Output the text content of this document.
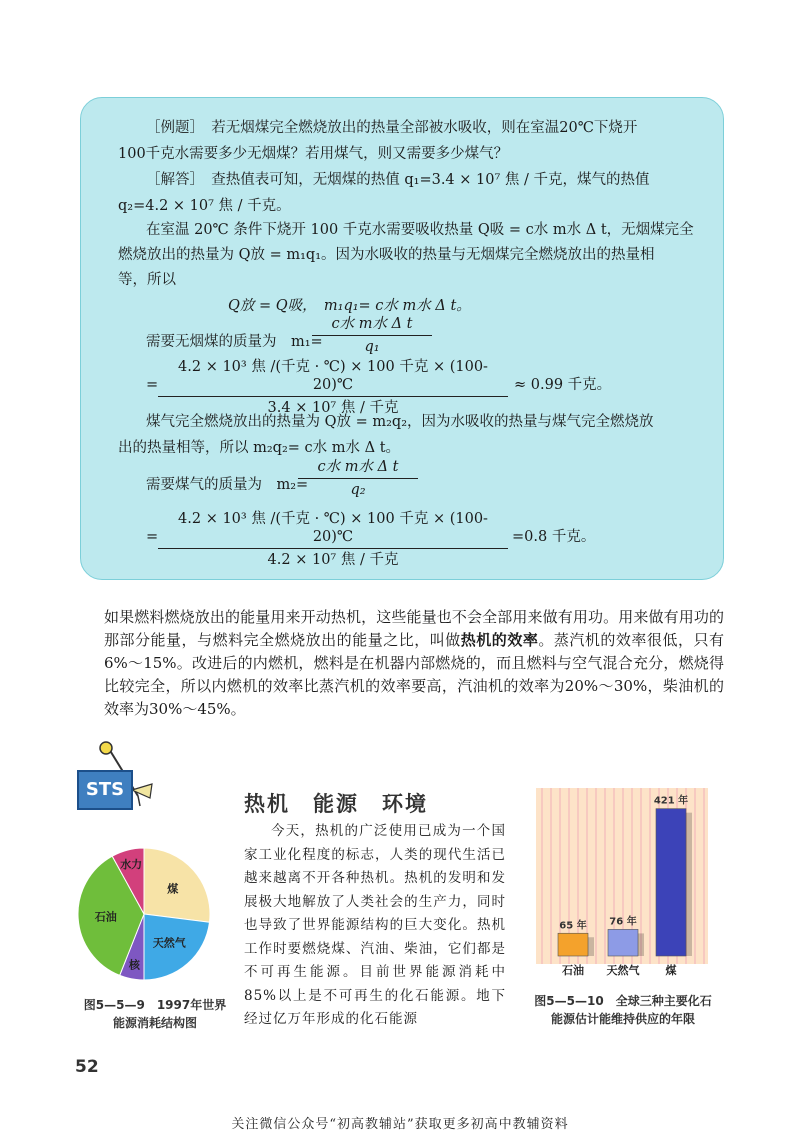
［例题］　若无烟煤完全燃烧放出的热量全部被水吸收，则在室温20℃下烧开
100千克水需要多少无烟煤？若用煤气，则又需要多少煤气？
［解答］　查热值表可知，无烟煤的热值 q₁=3.4 × 10⁷ 焦 / 千克，煤气的热值
q₂=4.2 × 10⁷ 焦 / 千克。
在室温 20℃ 条件下烧开 100 千克水需要吸收热量 Q吸 = c水 m水 Δ t，无烟煤完全
燃烧放出的热量为 Q放 = m₁q₁。因为水吸收的热量与无烟煤完全燃烧放出的热量相
等，所以
Q放 = Q吸，　m₁q₁= c水 m水 Δ t。
需要无烟煤的质量为　m₁=
c水 m水 Δ t
q₁
=
4.2 × 10³ 焦 /(千克 · ℃) × 100 千克 × (100-20)℃
3.4 × 10⁷ 焦 / 千克
≈ 0.99 千克。
煤气完全燃烧放出的热量为 Q放 = m₂q₂，因为水吸收的热量与煤气完全燃烧放
出的热量相等，所以 m₂q₂= c水 m水 Δ t。
需要煤气的质量为　m₂=
c水 m水 Δ t
q₂
=
4.2 × 10³ 焦 /(千克 · ℃) × 100 千克 × (100-20)℃
4.2 × 10⁷ 焦 / 千克
=0.8 千克。
如果燃料燃烧放出的能量用来开动热机，这些能量也不会全部用来做有用功。用来做有用功的那部分能量，与燃料完全燃烧放出的能量之比，叫做热机的效率。蒸汽机的效率很低，只有6%～15%。改进后的内燃机，燃料是在机器内部燃烧的，而且燃料与空气混合充分，燃烧得比较完全，所以内燃机的效率比蒸汽机的效率要高，汽油机的效率为20%～30%，柴油机的效率为30%～45%。
STS
热机　能源　环境
今天，热机的广泛使用已成为一个国家工业化程度的标志，人类的现代生活已越来越离不开各种热机。热机的发明和发展极大地解放了人类社会的生产力，同时也导致了世界能源结构的巨大变化。热机工作时要燃烧煤、汽油、柴油，它们都是不可再生能源。目前世界能源消耗中85%以上是不可再生的化石能源。地下经过亿万年形成的化石能源
煤
天然气
核
石油
水力
图5—5—9　1997年世界
能源消耗结构图
65 年
石油
76 年
天然气
421 年
煤
图5—5—10　全球三种主要化石
能源估计能维持供应的年限
52
关注微信公众号“初高教辅站”获取更多初高中教辅资料
